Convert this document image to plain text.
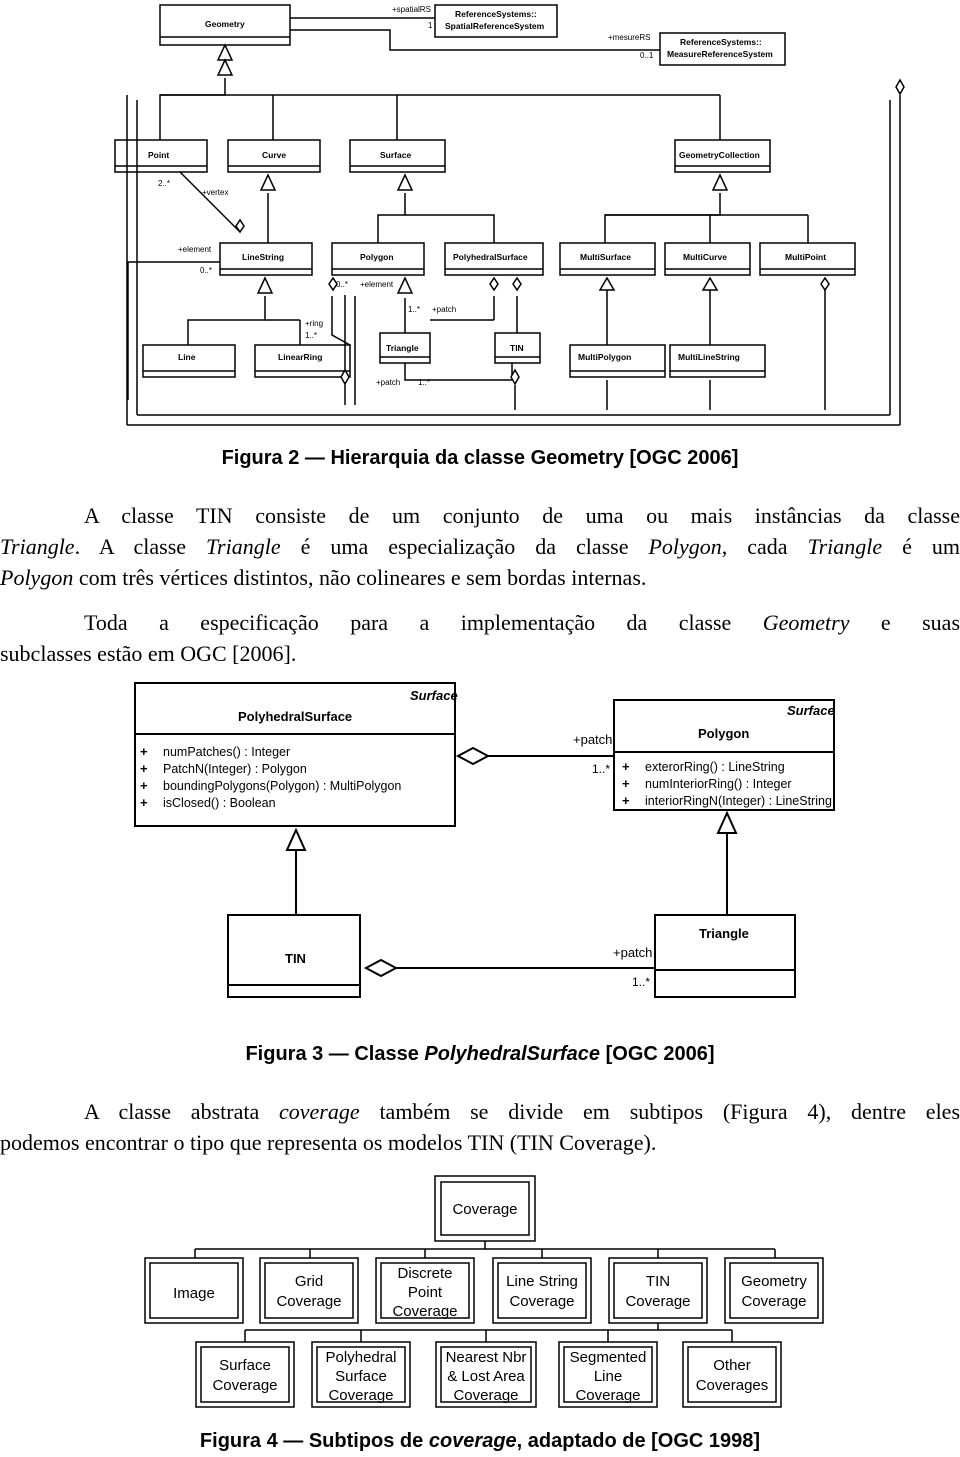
Geometry
ReferenceSystems::
SpatialReferenceSystem
ReferenceSystems::
MeasureReferenceSystem
Point	Curve	Surface	GeometryCollection
LineString	Polygon	PolyhedralSurface	MultiSurface	MultiCurve	MultiPoint
Line	LinearRing
Triangle	TIN
MultiPolygon	MultiLineString
+spatialRS
1
+mesureRS
0..1
2..*
+vertex
+element
0..*
0..* +element
+ring
1..*
1..* +patch
+patch 1..*
Figura 2 — Hierarquia da classe Geometry [OGC 2006]
A classe TIN consiste de um conjunto de uma ou mais instâncias da classe
Triangle. A classe Triangle é uma especialização da classe Polygon, cada Triangle é um
Polygon com três vértices distintos, não colineares e sem bordas internas.
Toda a especificação para a implementação da classe Geometry e suas
subclasses estão em OGC [2006].
Surface
PolyhedralSurface
+
+
+
+
numPatches() : Integer
PatchN(Integer) : Polygon
boundingPolygons(Polygon) : MultiPolygon
isClosed() : Boolean
Surface
Polygon
+
+
+
exterorRing() : LineString
numInteriorRing() : Integer
interiorRingN(Integer) : LineString
+patch
1..*
TIN
Triangle
+patch
1..*
Figura 3 — Classe PolyhedralSurface [OGC 2006]
A classe abstrata coverage também se divide em subtipos (Figura 4), dentre eles
podemos encontrar o tipo que representa os modelos TIN (TIN Coverage).
Coverage
Image
Grid
Coverage
Discrete
Point
Coverage
Line String
Coverage
TIN
Coverage
Geometry
Coverage
Surface
Coverage
Polyhedral
Surface
Coverage
Nearest Nbr
& Lost Area
Coverage
Segmented
Line
Coverage
Other
Coverages
Figura 4 — Subtipos de coverage, adaptado de [OGC 1998]
